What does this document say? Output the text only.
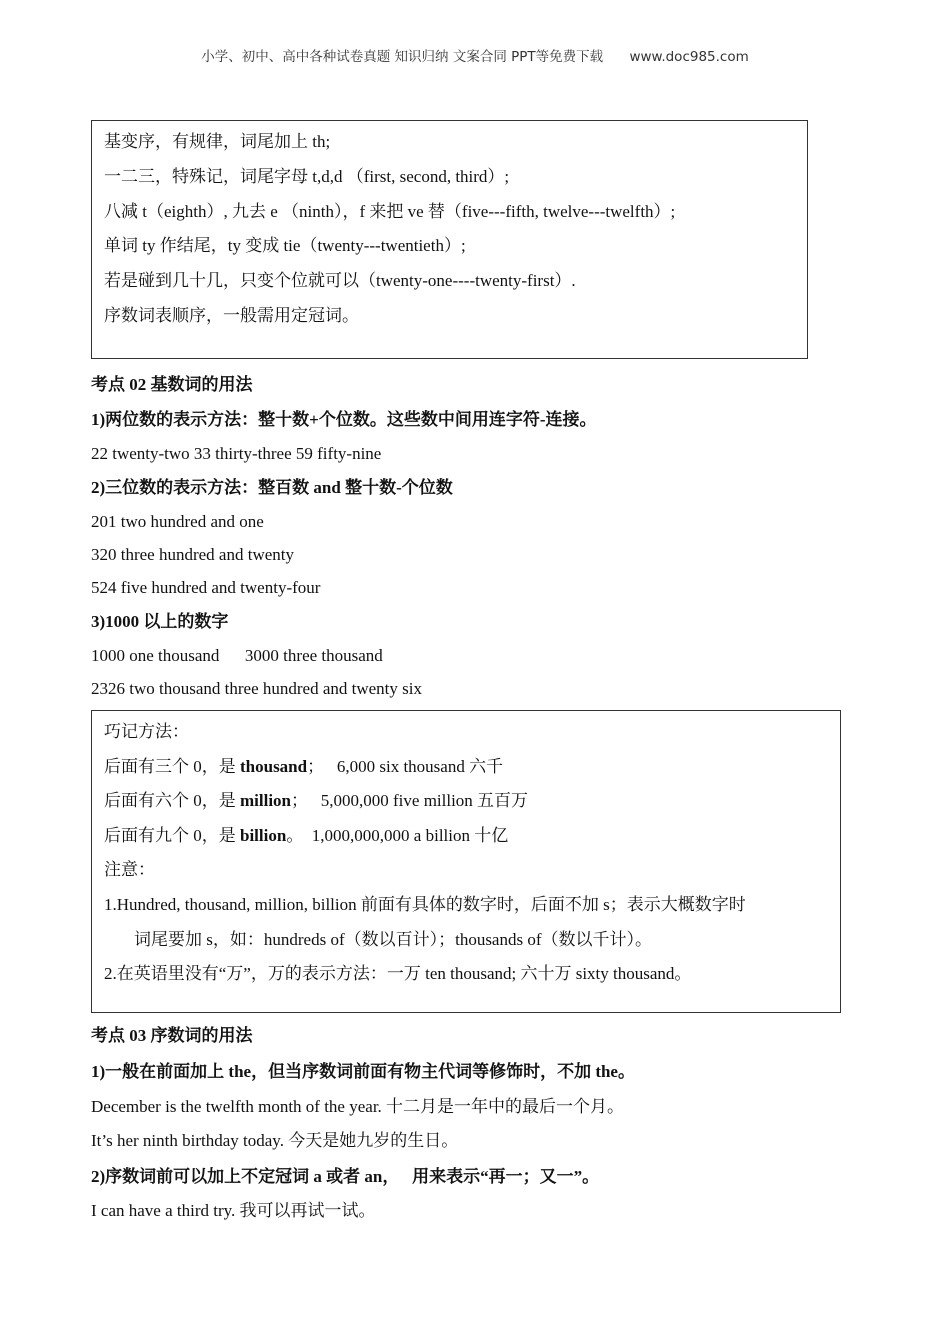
小学、初中、高中各种试卷真题 知识归纳 文案合同 PPT等免费下载 www.doc985.com
基变序，有规律，词尾加上 th;
一二三，特殊记，词尾字母 t,d,d （first, second, third）;
八减 t（eighth）, 九去 e （ninth），f 来把 ve 替（five---fifth, twelve---twelfth）;
单词 ty 作结尾，ty 变成 tie（twenty---twentieth）;
若是碰到几十几，只变个位就可以（twenty-one----twenty-first）.
序数词表顺序，一般需用定冠词。
考点 02 基数词的用法
1)两位数的表示方法：整十数+个位数。这些数中间用连字符-连接。
22 twenty-two 33 thirty-three 59 fifty-nine
2)三位数的表示方法：整百数 and 整十数-个位数
201 two hundred and one
320 three hundred and twenty
524 five hundred and twenty-four
3)1000 以上的数字
1000 one thousand      3000 three thousand
2326 two thousand three hundred and twenty six
巧记方法：
后面有三个 0，是 thousand；   6,000 six thousand 六千
后面有六个 0，是 million；   5,000,000 five million 五百万
后面有九个 0，是 billion。  1,000,000,000 a billion 十亿
注意：
1.Hundred, thousand, million, billion 前面有具体的数字时，后面不加 s；表示大概数字时
词尾要加 s，如：hundreds of（数以百计）；thousands of（数以千计）。
2.在英语里没有“万”，万的表示方法：一万 ten thousand; 六十万 sixty thousand。
考点 03 序数词的用法
1)一般在前面加上 the，但当序数词前面有物主代词等修饰时，不加 the。
December is the twelfth month of the year. 十二月是一年中的最后一个月。
It’s her ninth birthday today. 今天是她九岁的生日。
2)序数词前可以加上不定冠词 a 或者 an，   用来表示“再一；又一”。
I can have a third try. 我可以再试一试。
